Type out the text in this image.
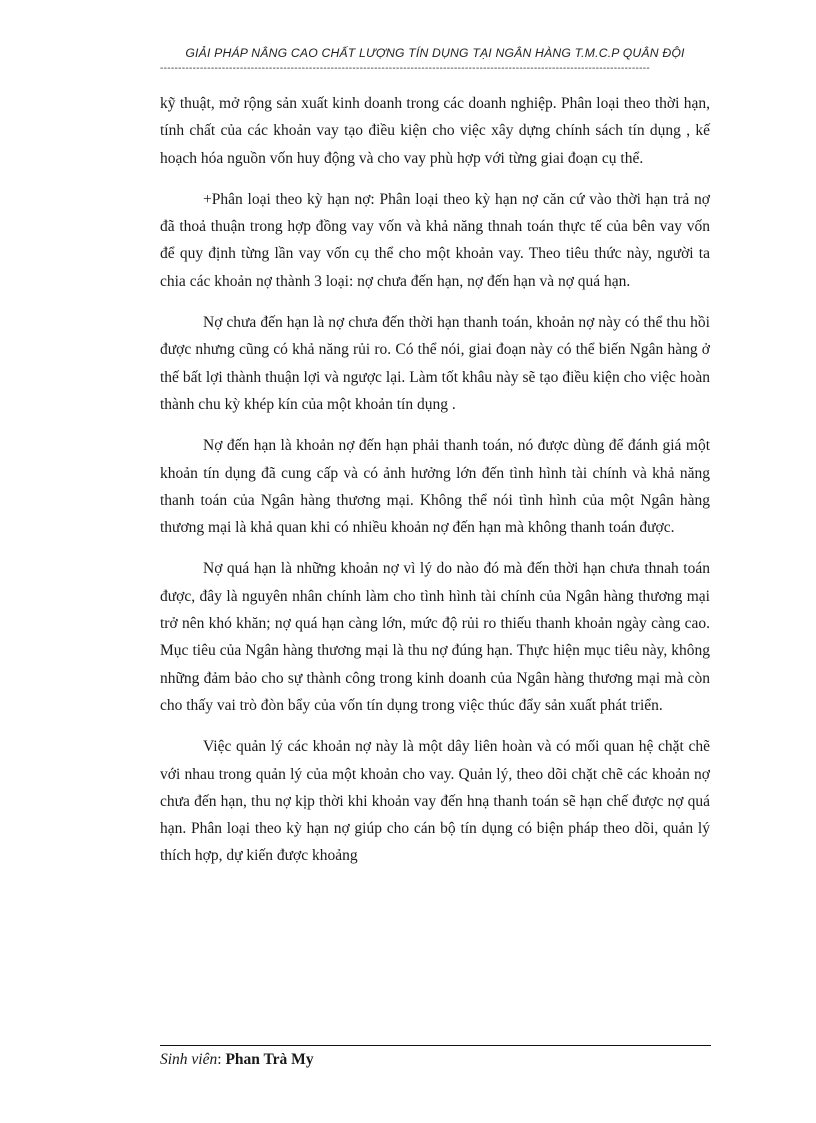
GIẢI PHÁP NÂNG CAO CHẤT LƯỢNG TÍN DỤNG TẠI NGÂN HÀNG T.M.C.P QUÂN ĐỘI
---------------------------------------------------------------------------------------------------------------------------------------

kỹ thuật, mở rộng sản xuất kinh doanh trong các doanh nghiệp. Phân loại theo thời hạn, tính chất của các khoản vay tạo điều kiện cho việc xây dựng chính sách tín dụng , kế hoạch hóa nguồn vốn huy động và cho vay phù hợp với từng giai đoạn cụ thể.

+Phân loại theo kỳ hạn nợ: Phân loại theo kỳ hạn nợ căn cứ vào thời hạn trả nợ đã thoả thuận trong hợp đồng vay vốn và khả năng thnah toán thực tế của bên vay vốn để quy định từng lần vay vốn cụ thể cho một khoản vay. Theo tiêu thức này, người ta chia các khoản nợ thành 3 loại: nợ chưa đến hạn, nợ đến hạn và nợ quá hạn.

Nợ chưa đến hạn là nợ chưa đến thời hạn thanh toán, khoản nợ này có thể thu hồi được nhưng cũng có khả năng rủi ro. Có thể nói, giai đoạn này có thể biến Ngân hàng ở thế bất lợi thành thuận lợi và ngược lại. Làm tốt khâu này sẽ tạo điều kiện cho việc hoàn thành chu kỳ khép kín của một khoản tín dụng .

Nợ đến hạn là khoản nợ đến hạn phải thanh toán, nó được dùng để đánh giá một khoản tín dụng đã cung cấp và có ảnh hưởng lớn đến tình hình tài chính và khả năng thanh toán của Ngân hàng thương mại. Không thể nói tình hình của một Ngân hàng thương mại là khả quan khi có nhiều khoản nợ đến hạn mà không thanh toán được.

Nợ quá hạn là những khoản nợ vì lý do nào đó mà đến thời hạn chưa thnah toán được, đây là nguyên nhân chính làm cho tình hình tài chính của Ngân hàng thương mại trở nên khó khăn; nợ quá hạn càng lớn, mức độ rủi ro thiếu thanh khoản ngày càng cao. Mục tiêu của Ngân hàng thương mại là thu nợ đúng hạn. Thực hiện mục tiêu này, không những đảm bảo cho sự thành công trong kinh doanh của Ngân hàng thương mại mà còn cho thấy vai trò đòn bẩy của vốn tín dụng trong việc thúc đẩy sản xuất phát triển.

Việc quản lý các khoản nợ này là một dây liên hoàn và có mối quan hệ chặt chẽ với nhau trong quản lý của một khoản cho vay. Quản lý, theo dõi chặt chẽ các khoản nợ chưa đến hạn, thu nợ kịp thời khi khoản vay đến hnạ thanh toán sẽ hạn chế được nợ quá hạn. Phân loại theo kỳ hạn nợ giúp cho cán bộ tín dụng có biện pháp theo dõi, quản lý thích hợp, dự kiến được khoảng

Sinh viên: Phan Trà My
